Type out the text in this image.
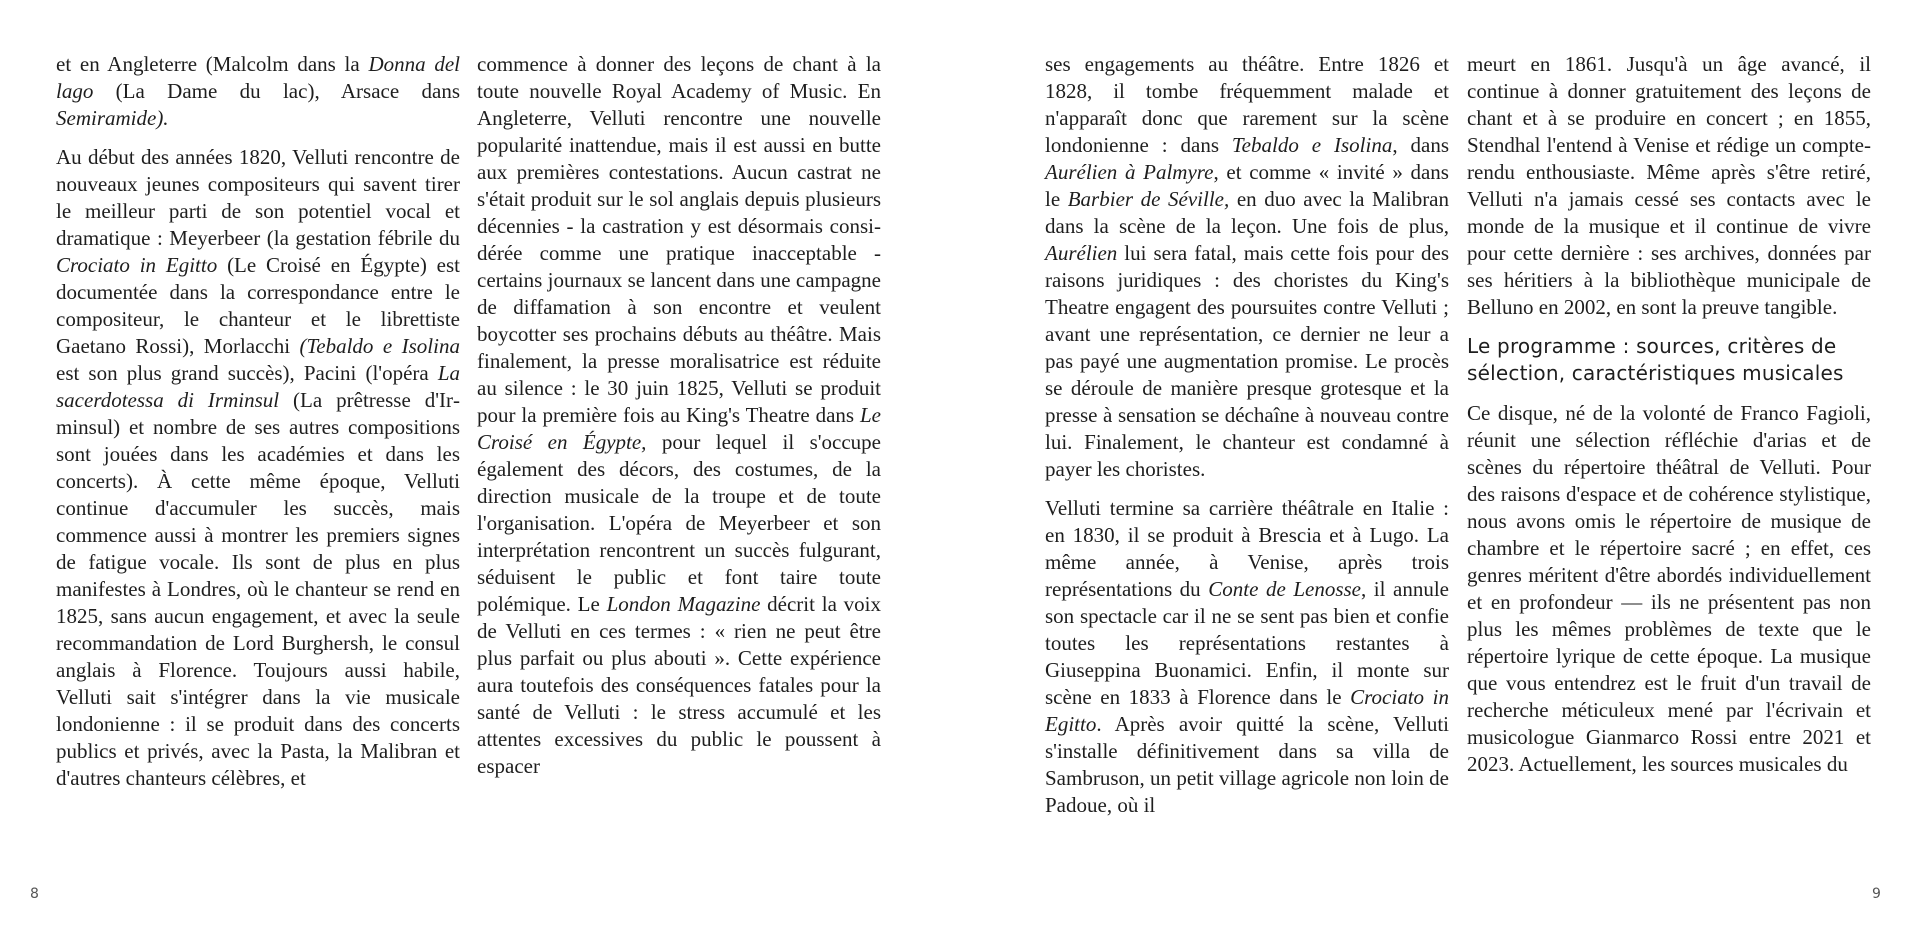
et en Angleterre (Malcolm dans la Donna del lago (La Dame du lac), Arsace dans Semiramide).

Au début des années 1820, Velluti rencontre de nouveaux jeunes compositeurs qui savent tirer le meilleur parti de son potentiel vocal et dramatique : Meyerbeer (la gestation fébrile du Crociato in Egitto (Le Croisé en Égypte) est documentée dans la correspondance entre le compositeur, le chanteur et le librettiste Gaetano Rossi), Morlacchi (Tebaldo e Isolina est son plus grand succès), Pacini (l'opéra La sacerdotessa di Irminsul (La prêtresse d'Irminsul) et nombre de ses autres compositions sont jouées dans les académies et dans les concerts). À cette même époque, Velluti continue d'accumuler les succès, mais commence aussi à montrer les premiers signes de fatigue vocale. Ils sont de plus en plus manifestes à Londres, où le chanteur se rend en 1825, sans aucun engagement, et avec la seule recommandation de Lord Burghersh, le consul anglais à Florence. Toujours aussi habile, Velluti sait s'intégrer dans la vie musicale londonienne : il se produit dans des concerts publics et privés, avec la Pasta, la Malibran et d'autres chanteurs célèbres, et

commence à donner des leçons de chant à la toute nouvelle Royal Academy of Music. En Angleterre, Velluti rencontre une nouvelle popularité inattendue, mais il est aussi en butte aux premières contestations. Aucun castrat ne s'était produit sur le sol anglais depuis plusieurs décennies - la castration y est désormais considérée comme une pratique inacceptable - certains journaux se lancent dans une campagne de diffamation à son encontre et veulent boycotter ses prochains débuts au théâtre. Mais finalement, la presse moralisatrice est réduite au silence : le 30 juin 1825, Velluti se produit pour la première fois au King's Theatre dans Le Croisé en Égypte, pour lequel il s'occupe également des décors, des costumes, de la direction musicale de la troupe et de toute l'organisation. L'opéra de Meyerbeer et son interprétation rencontrent un succès fulgurant, séduisent le public et font taire toute polémique. Le London Magazine décrit la voix de Velluti en ces termes : « rien ne peut être plus parfait ou plus abouti ». Cette expérience aura toutefois des conséquences fatales pour la santé de Velluti : le stress accumulé et les attentes excessives du public le poussent à espacer

8

ses engagements au théâtre. Entre 1826 et 1828, il tombe fréquemment malade et n'apparaît donc que rarement sur la scène londonienne : dans Tebaldo e Isolina, dans Aurélien à Palmyre, et comme « invité » dans le Barbier de Séville, en duo avec la Malibran dans la scène de la leçon. Une fois de plus, Aurélien lui sera fatal, mais cette fois pour des raisons juridiques : des choristes du King's Theatre engagent des poursuites contre Velluti ; avant une représentation, ce dernier ne leur a pas payé une augmentation promise. Le procès se déroule de manière presque grotesque et la presse à sensation se déchaîne à nouveau contre lui. Finalement, le chanteur est condamné à payer les choristes.

Velluti termine sa carrière théâtrale en Italie : en 1830, il se produit à Brescia et à Lugo. La même année, à Venise, après trois représentations du Conte de Lenosse, il annule son spectacle car il ne se sent pas bien et confie toutes les représentations restantes à Giuseppina Buonamici. Enfin, il monte sur scène en 1833 à Florence dans le Crociato in Egitto. Après avoir quitté la scène, Velluti s'installe définitivement dans sa villa de Sambruson, un petit village agricole non loin de Padoue, où il

meurt en 1861. Jusqu'à un âge avancé, il continue à donner gratuitement des leçons de chant et à se produire en concert ; en 1855, Stendhal l'entend à Venise et rédige un compte-rendu enthousiaste. Même après s'être retiré, Velluti n'a jamais cessé ses contacts avec le monde de la musique et il continue de vivre pour cette dernière : ses archives, données par ses héritiers à la bibliothèque municipale de Belluno en 2002, en sont la preuve tangible.

Le programme : sources, critères de sélection, caractéristiques musicales

Ce disque, né de la volonté de Franco Fagioli, réunit une sélection réfléchie d'arias et de scènes du répertoire théâtral de Velluti. Pour des raisons d'espace et de cohérence stylistique, nous avons omis le répertoire de musique de chambre et le répertoire sacré ; en effet, ces genres méritent d'être abordés individuellement et en profondeur — ils ne présentent pas non plus les mêmes problèmes de texte que le répertoire lyrique de cette époque. La musique que vous entendrez est le fruit d'un travail de recherche méticuleux mené par l'écrivain et musicologue Gianmarco Rossi entre 2021 et 2023. Actuellement, les sources musicales du

9
